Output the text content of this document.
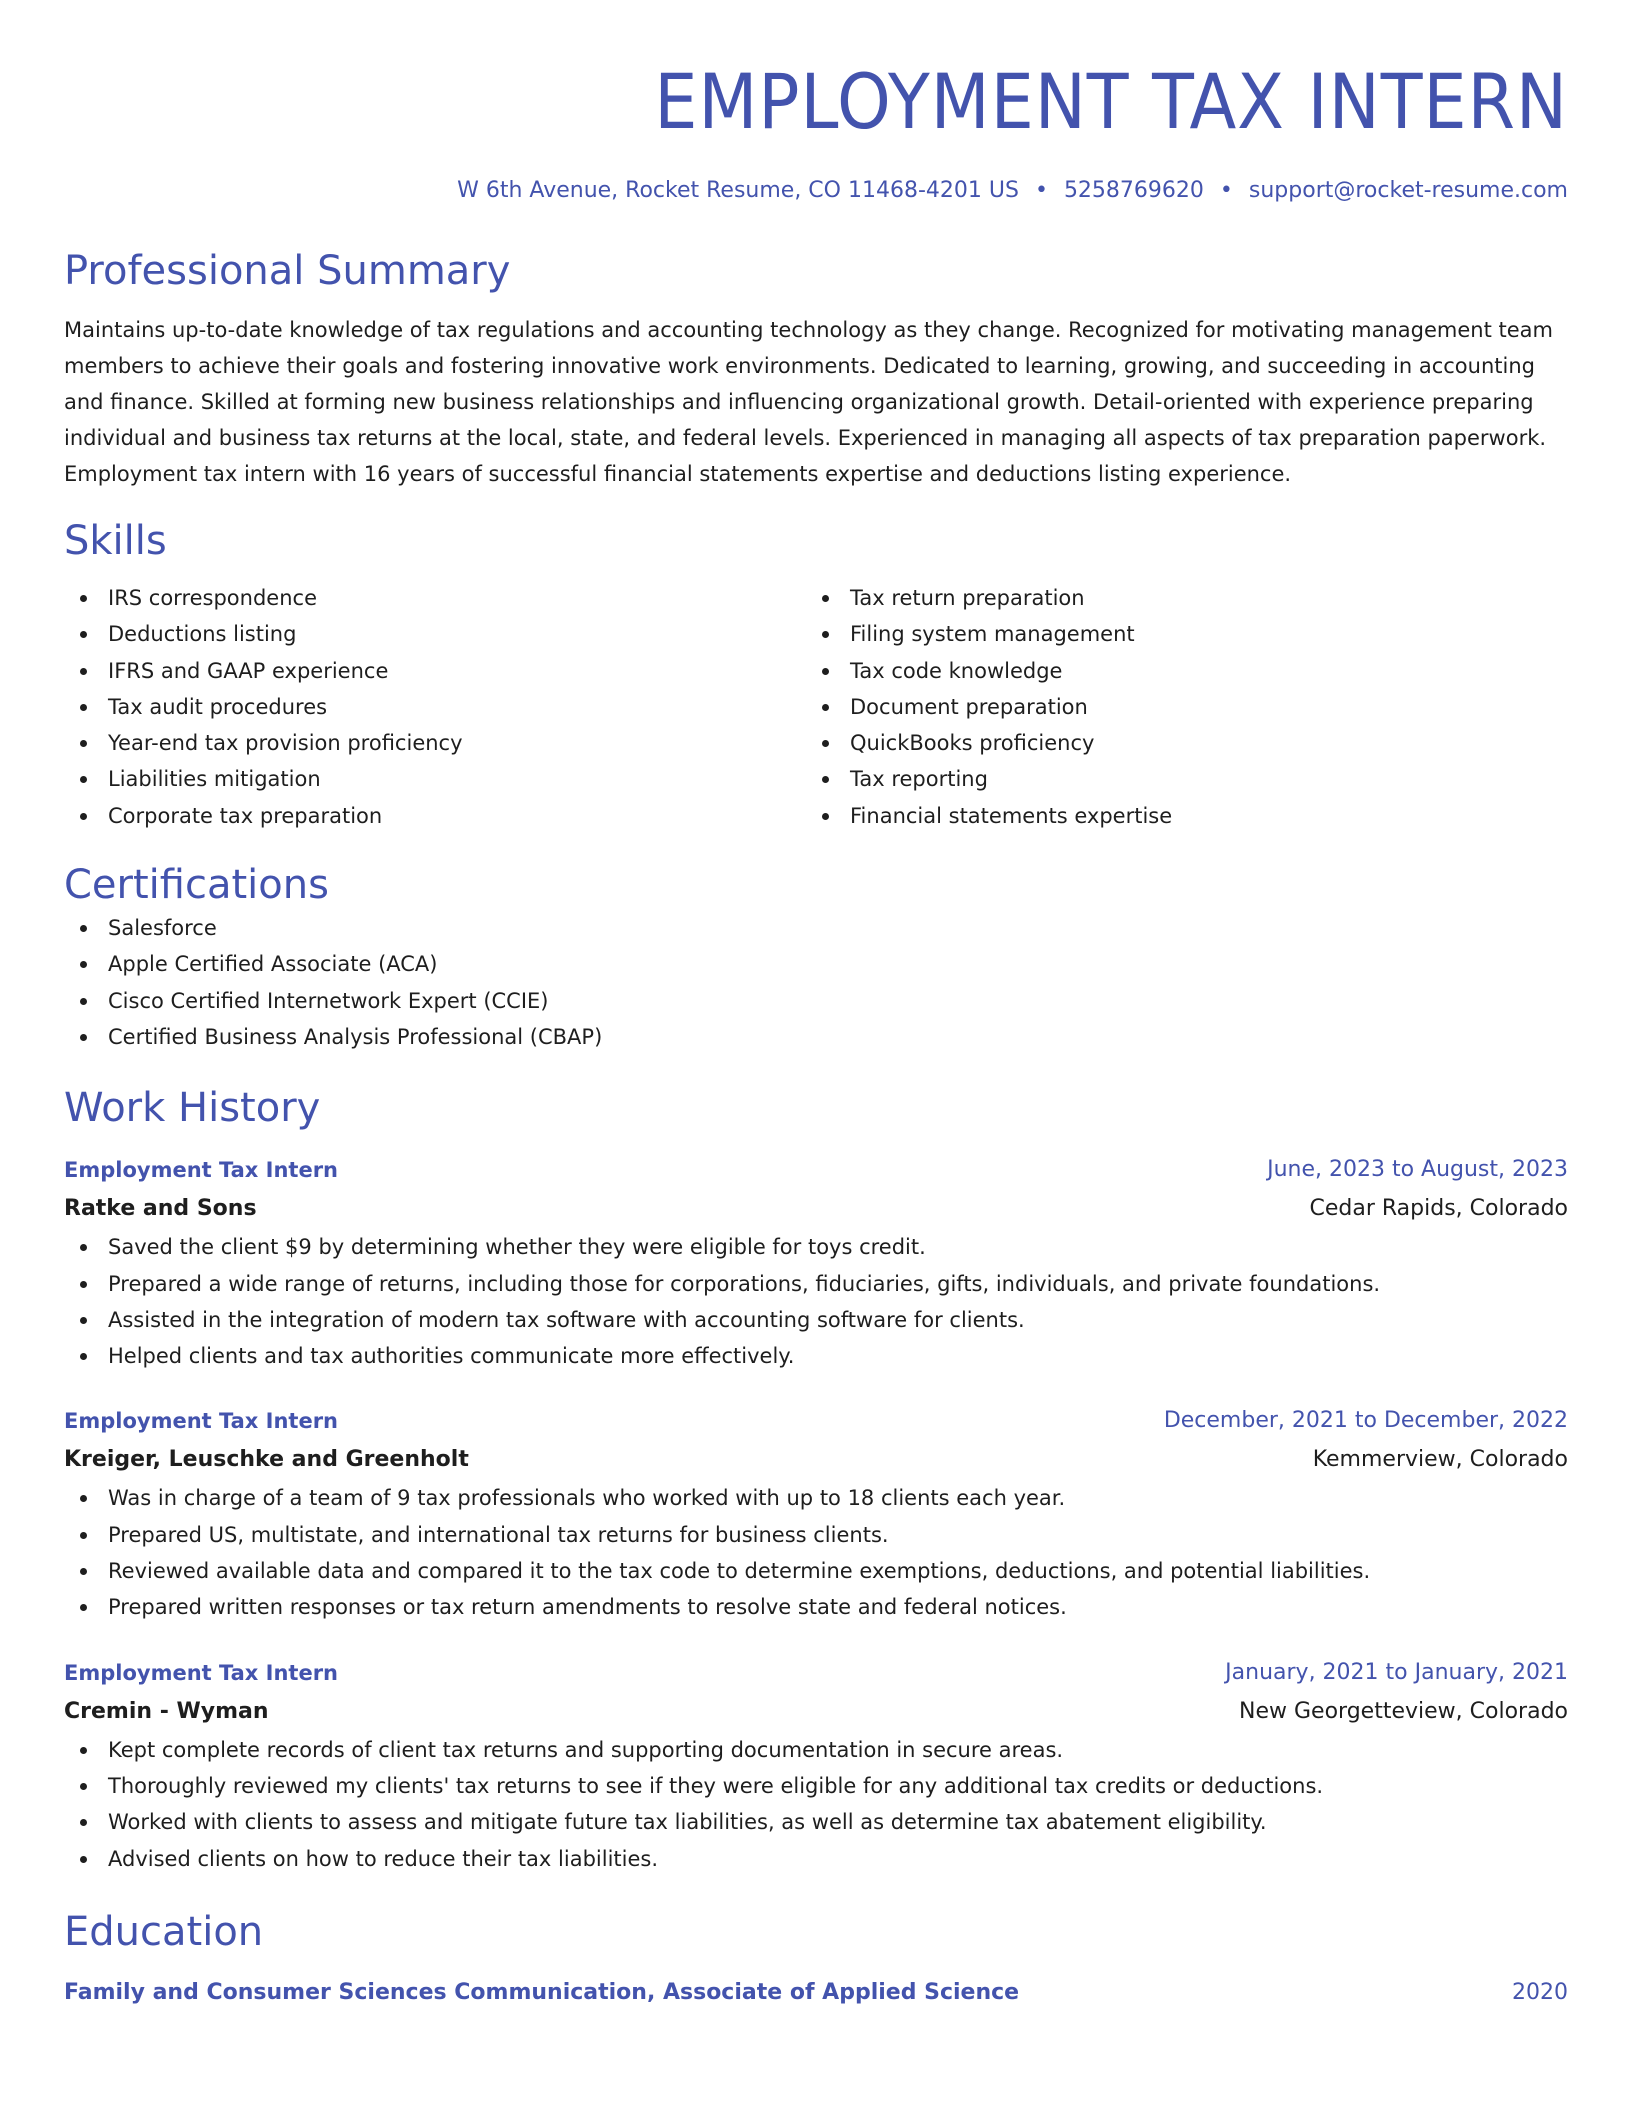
EMPLOYMENT TAX INTERN
W 6th Avenue, Rocket Resume, CO 11468-4201 US • 5258769620 • support@rocket-resume.com
Professional Summary

Maintains up-to-date knowledge of tax regulations and accounting technology as they change. Recognized for motivating management team members to achieve their goals and fostering innovative work environments. Dedicated to learning, growing, and succeeding in accounting and finance. Skilled at forming new business relationships and influencing organizational growth. Detail-oriented with experience preparing individual and business tax returns at the local, state, and federal levels. Experienced in managing all aspects of tax preparation paperwork. Employment tax intern with 16 years of successful financial statements expertise and deductions listing experience.

Skills
IRS correspondence
Deductions listing
IFRS and GAAP experience
Tax audit procedures
Year-end tax provision proficiency
Liabilities mitigation
Corporate tax preparation
Tax return preparation
Filing system management
Tax code knowledge
Document preparation
QuickBooks proficiency
Tax reporting
Financial statements expertise
Certifications
Salesforce
Apple Certified Associate (ACA)
Cisco Certified Internetwork Expert (CCIE)
Certified Business Analysis Professional (CBAP)
Work History
Employment Tax Intern	June, 2023 to August, 2023
Ratke and Sons	Cedar Rapids, Colorado
Saved the client $9 by determining whether they were eligible for toys credit.
Prepared a wide range of returns, including those for corporations, fiduciaries, gifts, individuals, and private foundations.
Assisted in the integration of modern tax software with accounting software for clients.
Helped clients and tax authorities communicate more effectively.
Employment Tax Intern	December, 2021 to December, 2022
Kreiger, Leuschke and Greenholt	Kemmerview, Colorado
Was in charge of a team of 9 tax professionals who worked with up to 18 clients each year.
Prepared US, multistate, and international tax returns for business clients.
Reviewed available data and compared it to the tax code to determine exemptions, deductions, and potential liabilities.
Prepared written responses or tax return amendments to resolve state and federal notices.
Employment Tax Intern	January, 2021 to January, 2021
Cremin - Wyman	New Georgetteview, Colorado
Kept complete records of client tax returns and supporting documentation in secure areas.
Thoroughly reviewed my clients' tax returns to see if they were eligible for any additional tax credits or deductions.
Worked with clients to assess and mitigate future tax liabilities, as well as determine tax abatement eligibility.
Advised clients on how to reduce their tax liabilities.
Education
Family and Consumer Sciences Communication, Associate of Applied Science	2020
